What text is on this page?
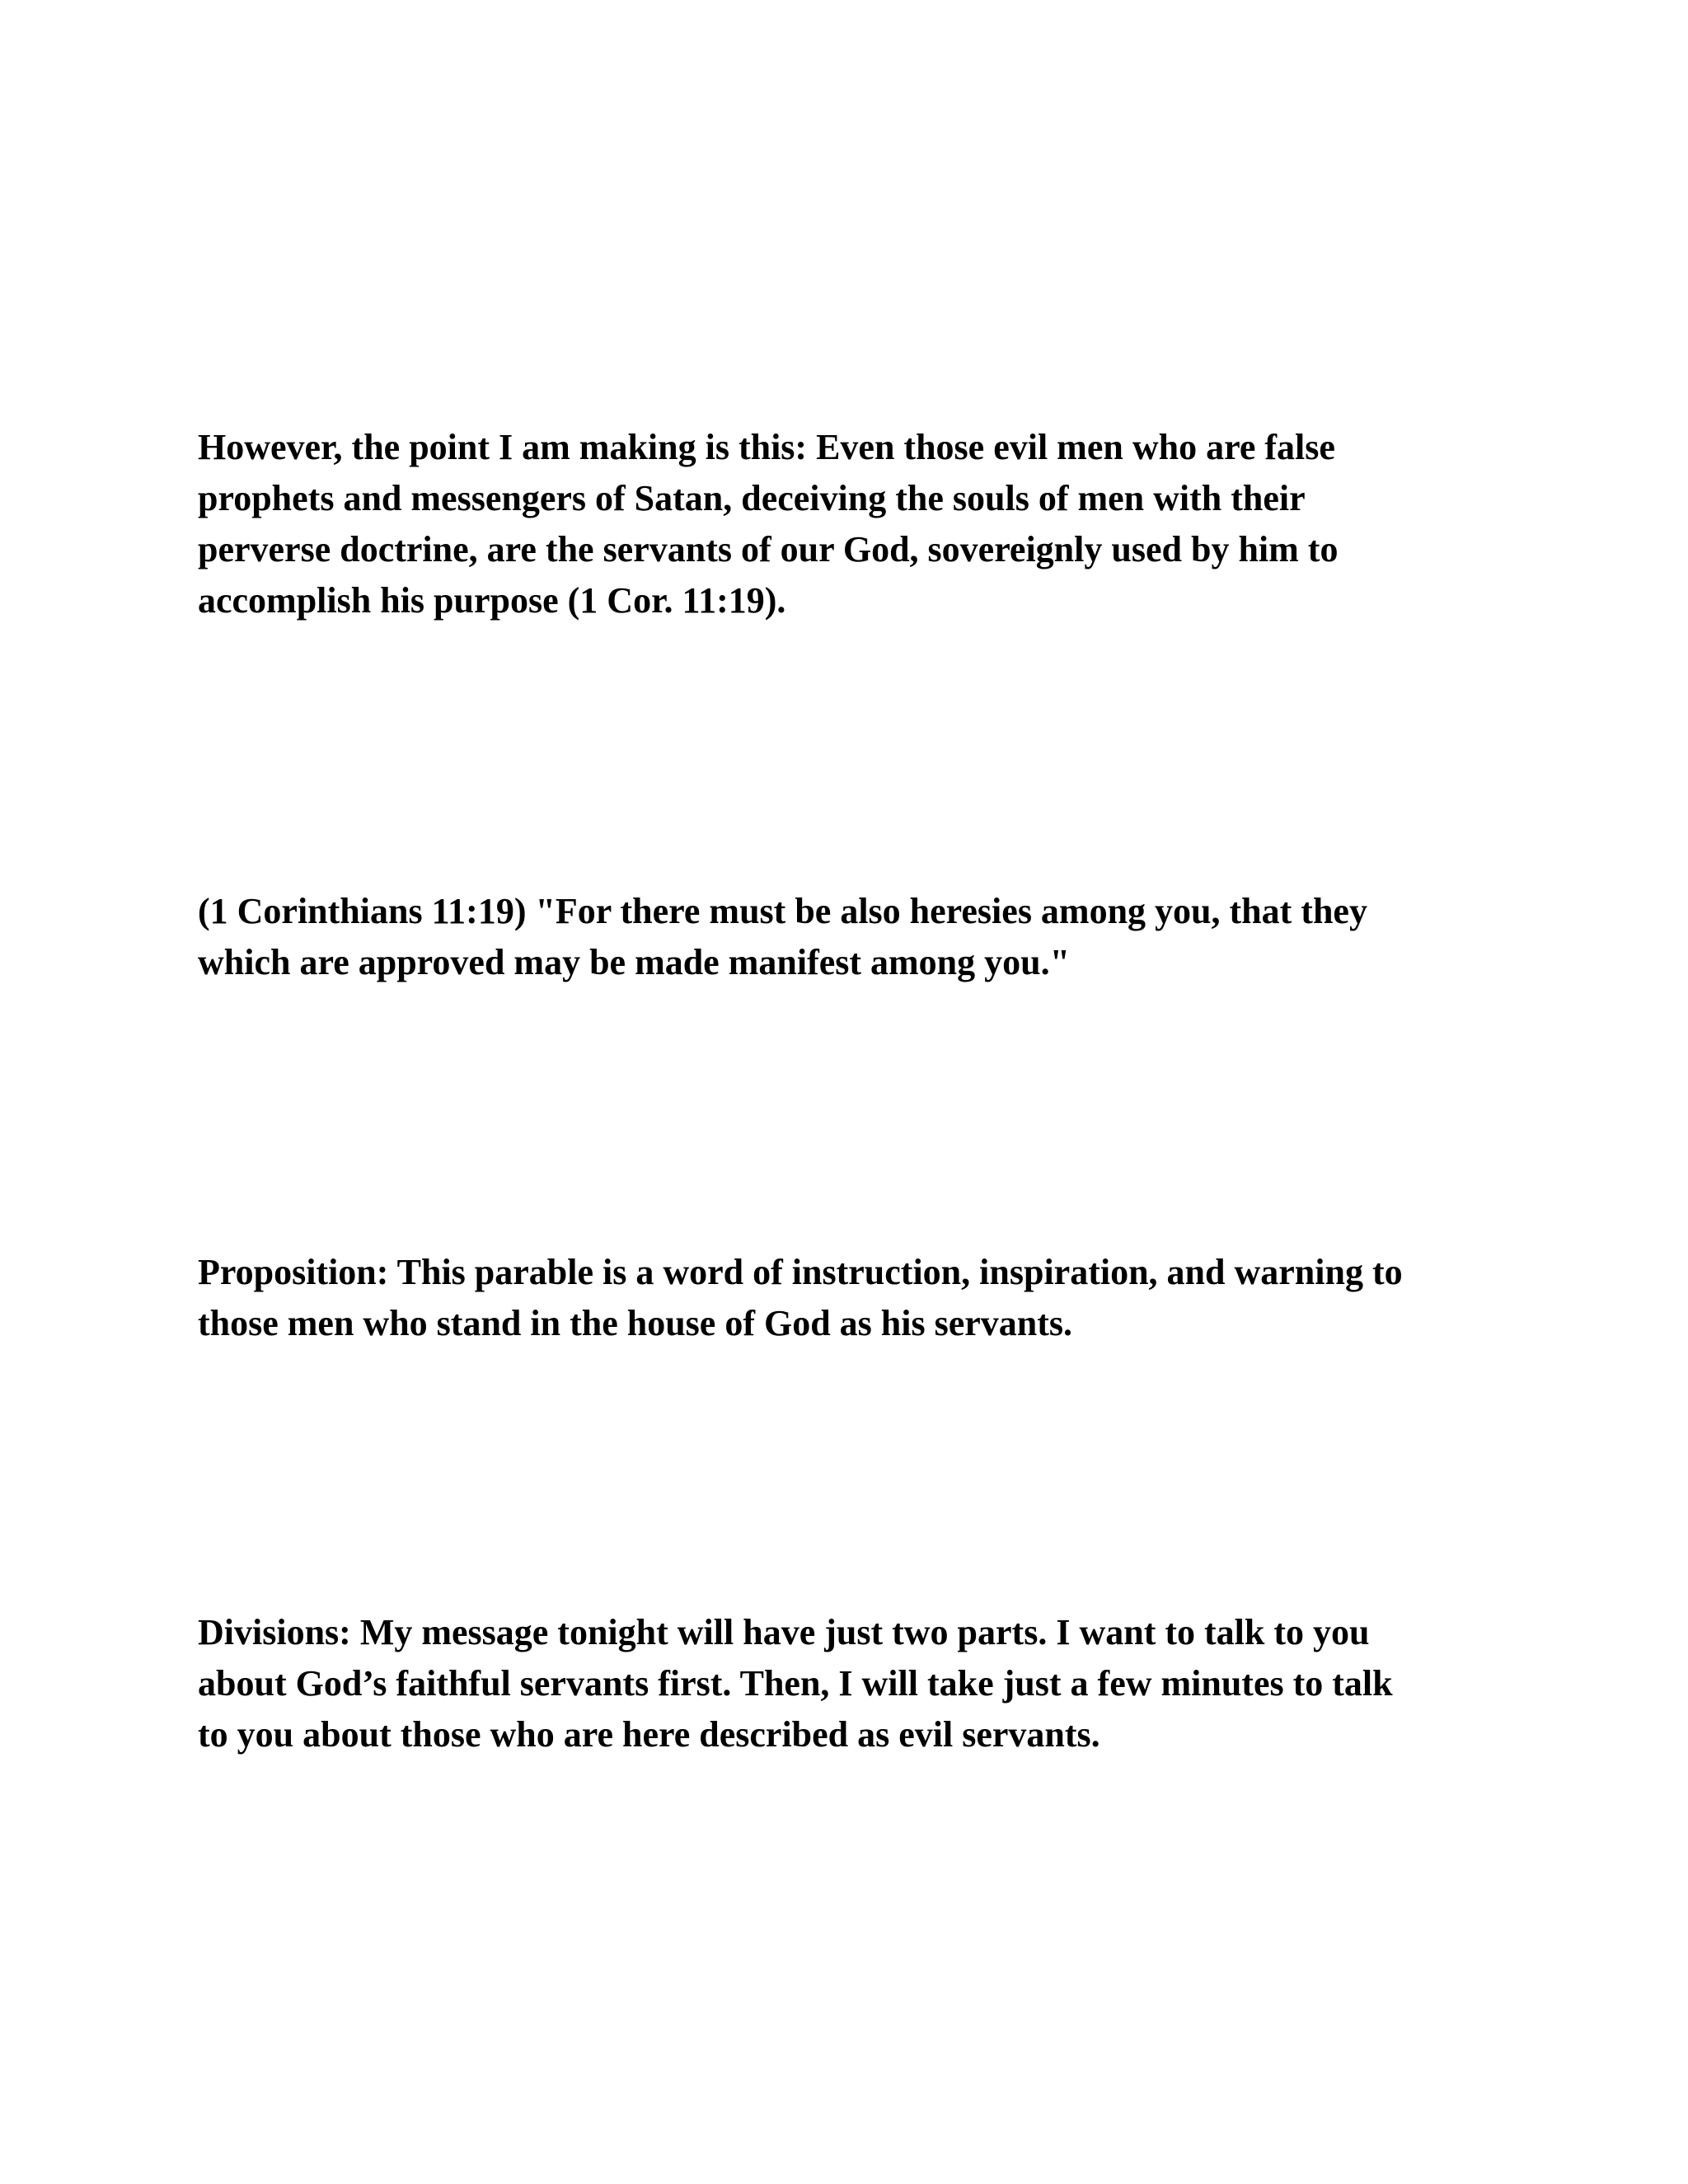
However, the point I am making is this: Even those evil men who are false
prophets and messengers of Satan, deceiving the souls of men with their
perverse doctrine, are the servants of our God, sovereignly used by him to
accomplish his purpose (1 Cor. 11:19).

(1 Corinthians 11:19) "For there must be also heresies among you, that they
which are approved may be made manifest among you."

Proposition: This parable is a word of instruction, inspiration, and warning to
those men who stand in the house of God as his servants.

Divisions: My message tonight will have just two parts. I want to talk to you
about God’s faithful servants first. Then, I will take just a few minutes to talk
to you about those who are here described as evil servants.
